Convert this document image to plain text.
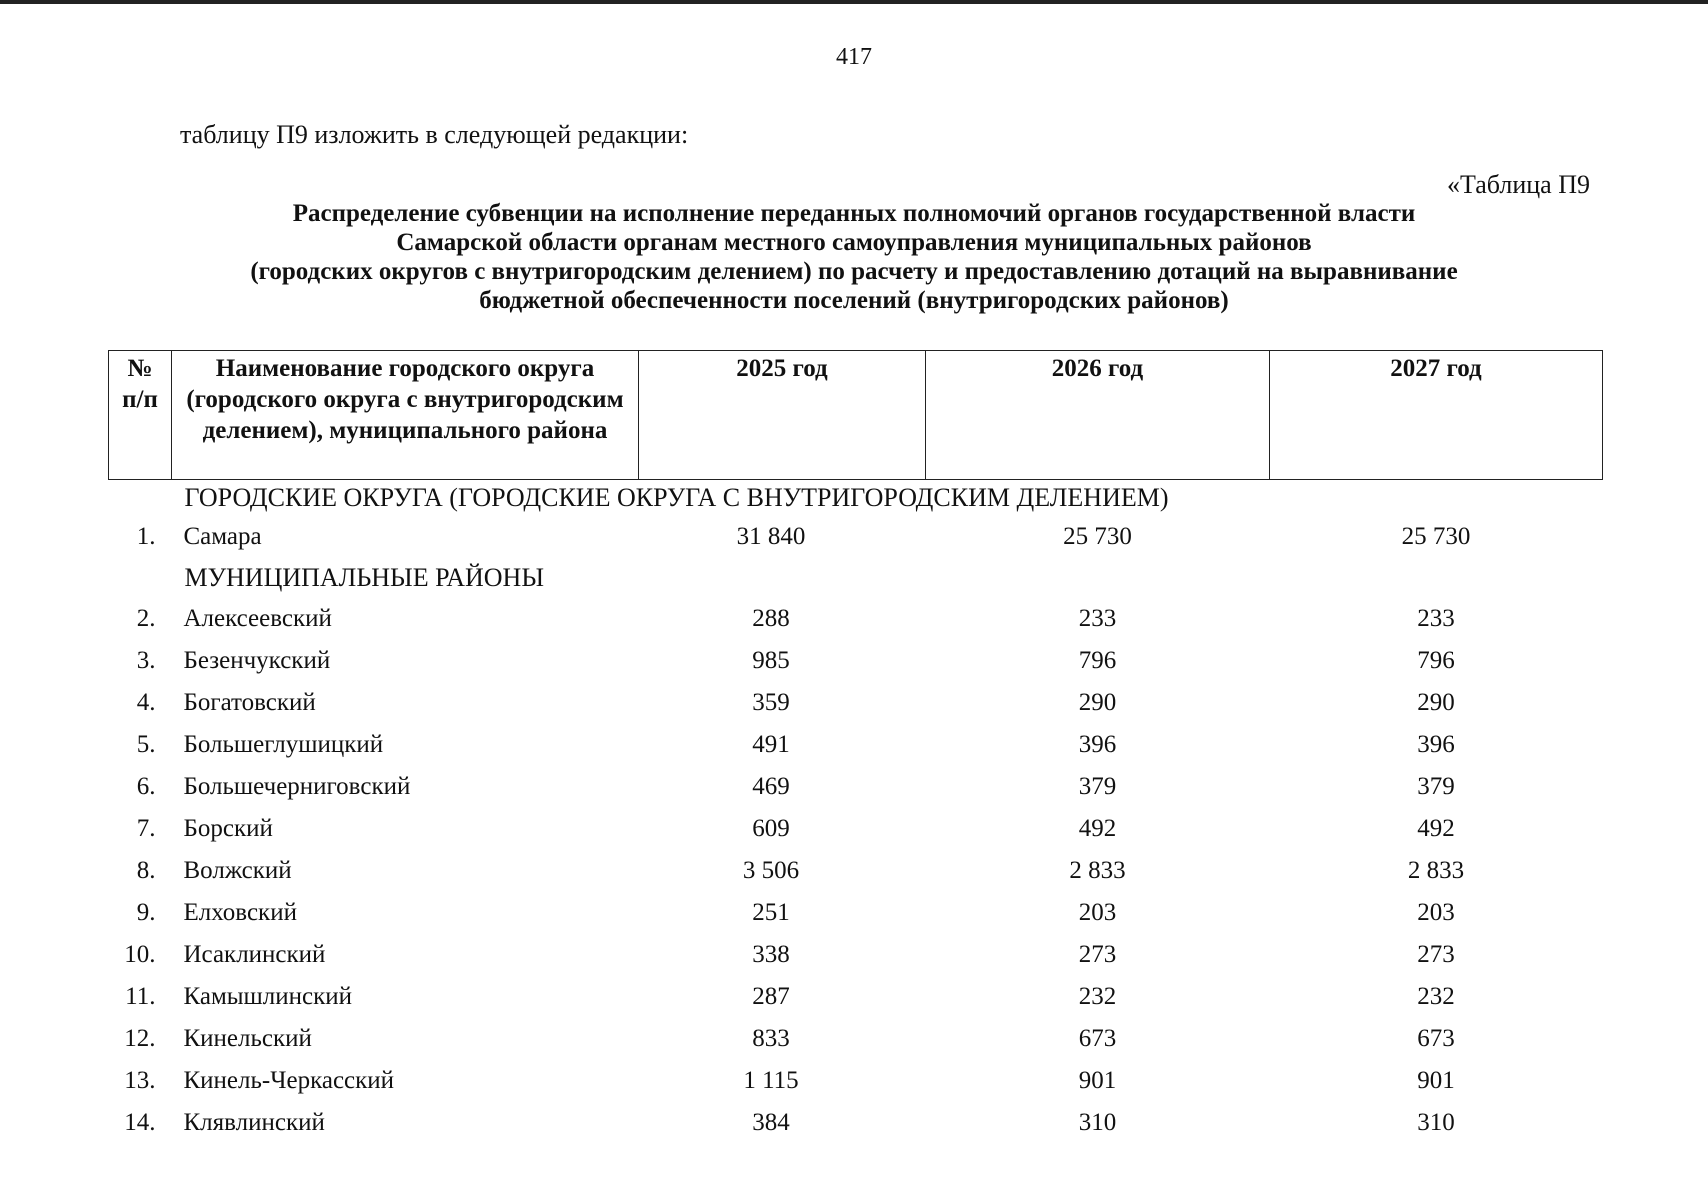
417
таблицу П9 изложить в следующей редакции:
«Таблица П9
Распределение субвенции на исполнение переданных полномочий органов государственной власти
Самарской области органам местного самоуправления муниципальных районов
(городских округов с внутригородским делением) по расчету и предоставлению дотаций на выравнивание
бюджетной обеспеченности поселений (внутригородских районов)
№
п/п	Наименование городского округа (городского округа с внутригородским делением), муниципального района	2025 год	2026 год	2027 год
ГОРОДСКИЕ ОКРУГА (ГОРОДСКИЕ ОКРУГА С ВНУТРИГОРОДСКИМ ДЕЛЕНИЕМ)				
1.	Самара	31 840	25 730	25 730
МУНИЦИПАЛЬНЫЕ РАЙОНЫ				
2.	Алексеевский	288	233	233
3.	Безенчукский	985	796	796
4.	Богатовский	359	290	290
5.	Большеглушицкий	491	396	396
6.	Большечерниговский	469	379	379
7.	Борский	609	492	492
8.	Волжский	3 506	2 833	2 833
9.	Елховский	251	203	203
10.	Исаклинский	338	273	273
11.	Камышлинский	287	232	232
12.	Кинельский	833	673	673
13.	Кинель-Черкасский	1 115	901	901
14.	Клявлинский	384	310	310
